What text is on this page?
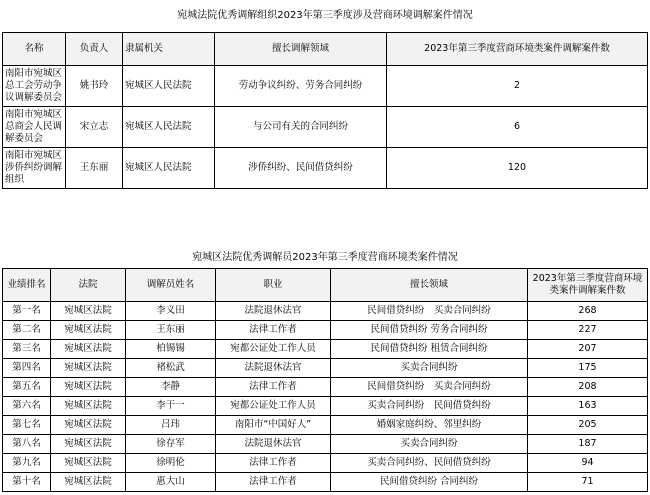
宛城法院优秀调解组织2023年第三季度涉及营商环境调解案件情况
名称	负责人	隶属机关	擅长调解领域	2023年第三季度营商环境类案件调解案件数
南阳市宛城区总工会劳动争议调解委员会	姚书玲	宛城区人民法院	劳动争议纠纷、劳务合同纠纷	2
南阳市宛城区总商会人民调解委员会	宋立志	宛城区人民法院	与公司有关的合同纠纷	6
南阳市宛城区涉侨纠纷调解组织	王东丽	宛城区人民法院	涉侨纠纷、民间借贷纠纷	120
宛城区法院优秀调解员2023年第三季度营商环境类案件情况
业绩排名	法院	调解员姓名	职业	擅长领域	2023年第三季度营商环境类案件调解案件数
第一名	宛城区法院	李义田	法院退休法官	民间借贷纠纷　买卖合同纠纷	268
第二名	宛城区法院	王东丽	法律工作者	民间借贷纠纷 劳务合同纠纷	227
第三名	宛城区法院	柏锡锡	宛都公证处工作人员	民间借贷纠纷 租赁合同纠纷	207
第四名	宛城区法院	褚松武	法院退休法官	买卖合同纠纷	175
第五名	宛城区法院	李静	法律工作者	民间借贷纠纷　买卖合同纠纷	208
第六名	宛城区法院	李干一	宛都公证处工作人员	买卖合同纠纷　民间借贷纠纷	163
第七名	宛城区法院	吕玮	南阳市“中国好人”	婚姻家庭纠纷、邻里纠纷	205
第八名	宛城区法院	徐存军	法院退休法官	买卖合同纠纷	187
第九名	宛城区法院	徐明伦	法律工作者	买卖合同纠纷、民间借贷纠纷	94
第十名	宛城区法院	惠大山	法律工作者	民间借贷纠纷 合同纠纷	71
